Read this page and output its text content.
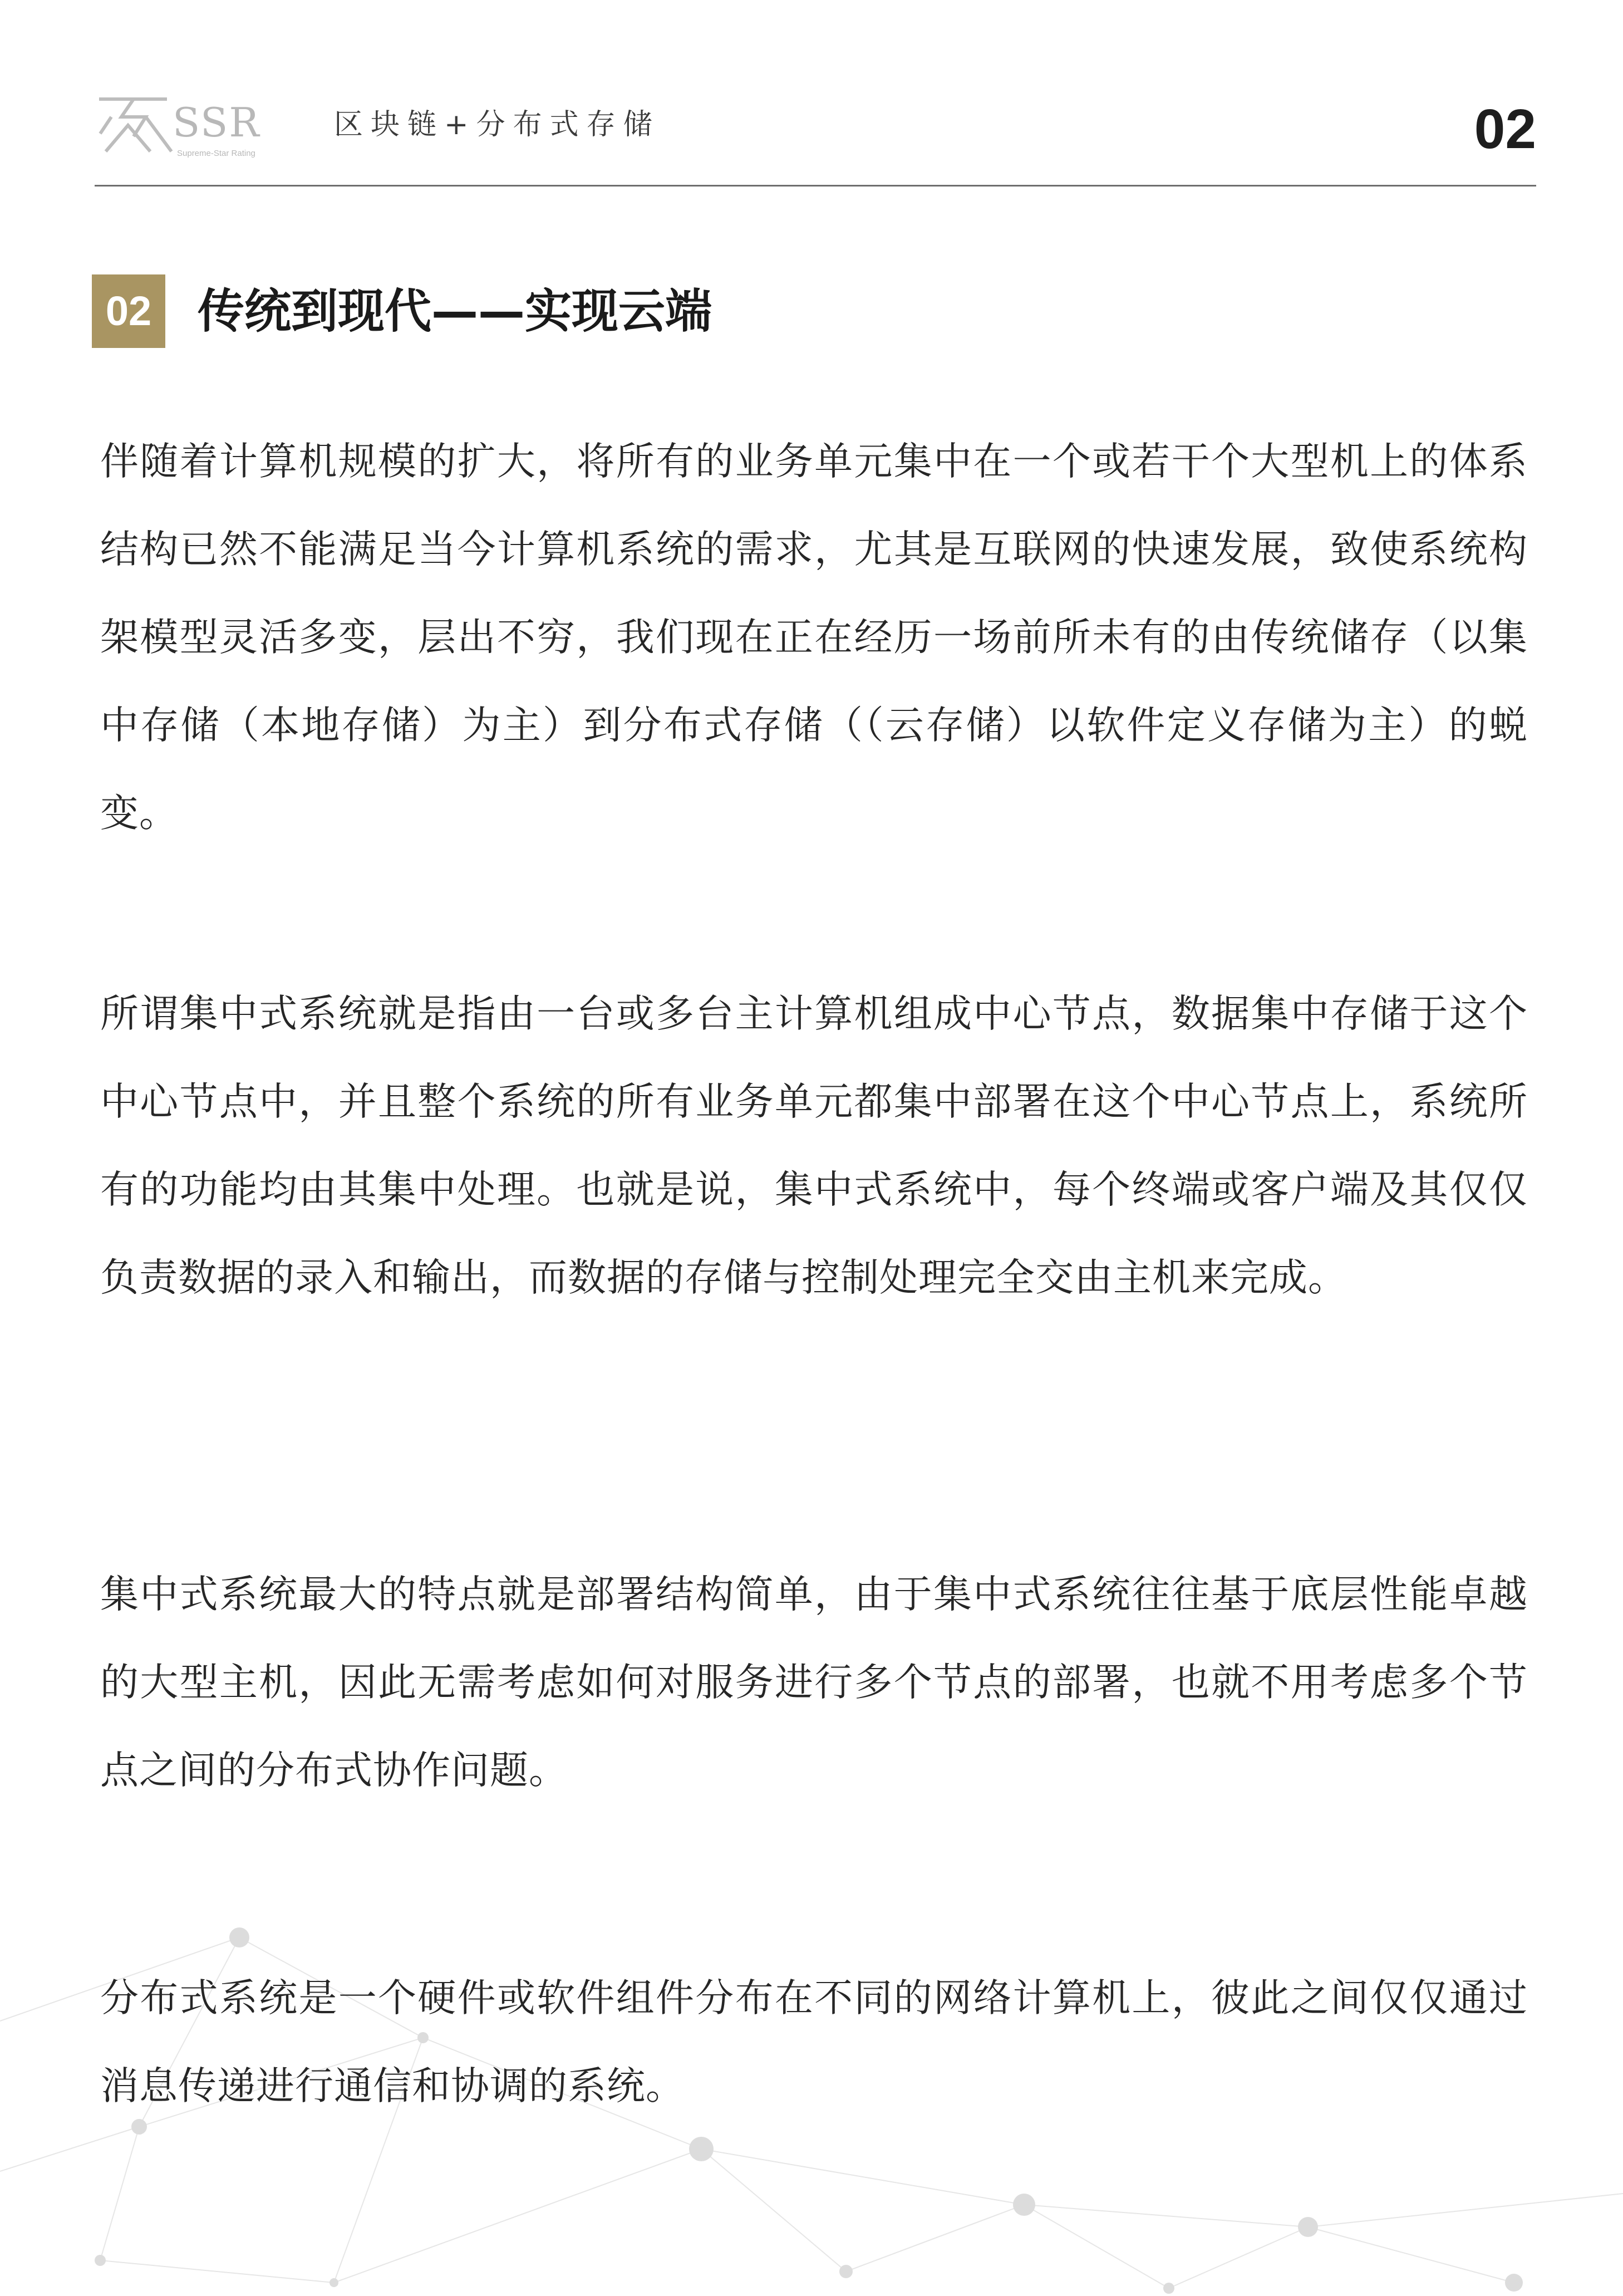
SSR
Supreme-Star Rating
区块链+分布式存储	02
02 传统到现代——实现云端

伴随着计算机规模的扩大，将所有的业务单元集中在一个或若干个大型机上的体系结构已然不能满足当今计算机系统的需求，尤其是互联网的快速发展，致使系统构架模型灵活多变，层出不穷，我们现在正在经历一场前所未有的由传统储存（以集中存储（本地存储）为主）到分布式存储（（云存储）以软件定义存储为主）的蜕变。

所谓集中式系统就是指由一台或多台主计算机组成中心节点，数据集中存储于这个中心节点中，并且整个系统的所有业务单元都集中部署在这个中心节点上，系统所有的功能均由其集中处理。也就是说，集中式系统中，每个终端或客户端及其仅仅负责数据的录入和输出，而数据的存储与控制处理完全交由主机来完成。

集中式系统最大的特点就是部署结构简单，由于集中式系统往往基于底层性能卓越的大型主机，因此无需考虑如何对服务进行多个节点的部署，也就不用考虑多个节点之间的分布式协作问题。

分布式系统是一个硬件或软件组件分布在不同的网络计算机上，彼此之间仅仅通过消息传递进行通信和协调的系统。
